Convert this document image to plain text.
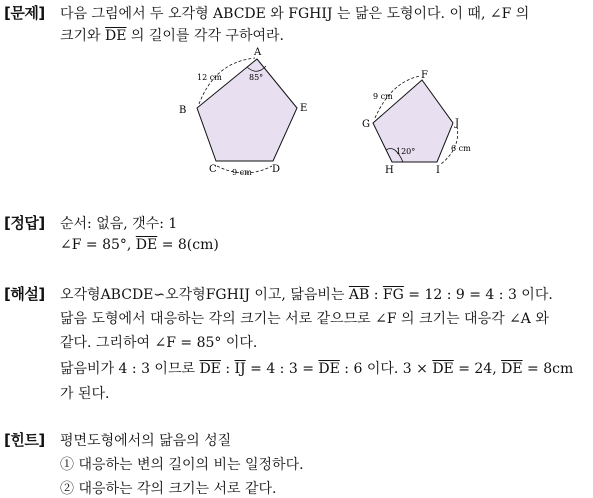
[문제] 다음 그림에서 두 오각형 ABCDE 와 FGHIJ 는 닮은 도형이다. 이 때, ∠F 의
크기와 $\overline{DE}$ 의 길이를 각각 구하여라.
A
B
C	D
E
12 cm	85°
9 cm
F
G
H	I
J
9 cm
6 cm
120°
[정답] 순서: 없음, 갯수: 1
∠F = 85°, $\overline{DE} = 8(cm)$
[해설] 오각형ABCDE∽오각형FGHIJ 이고, 닮음비는 $\overline{AB}$ : $\overline{FG} = 12$ : 9 = 4 : 3 이다.
닮음 도형에서 대응하는 각의 크기는 서로 같으므로 ∠F 의 크기는 대응각 ∠A 와
같다. 그리하여 ∠F = 85° 이다.
닮음비가 4 : 3 이므로 $\overline{DE}$ : $\overline{IJ} = 4$ : $3 = \overline{DE}$ : 6 이다. $3 \times \overline{DE} = 24$, $\overline{DE} = 8cm$
가 된다.
[힌트] 평면도형에서의 닮음의 성질
① 대응하는 변의 길이의 비는 일정하다.
② 대응하는 각의 크기는 서로 같다.
